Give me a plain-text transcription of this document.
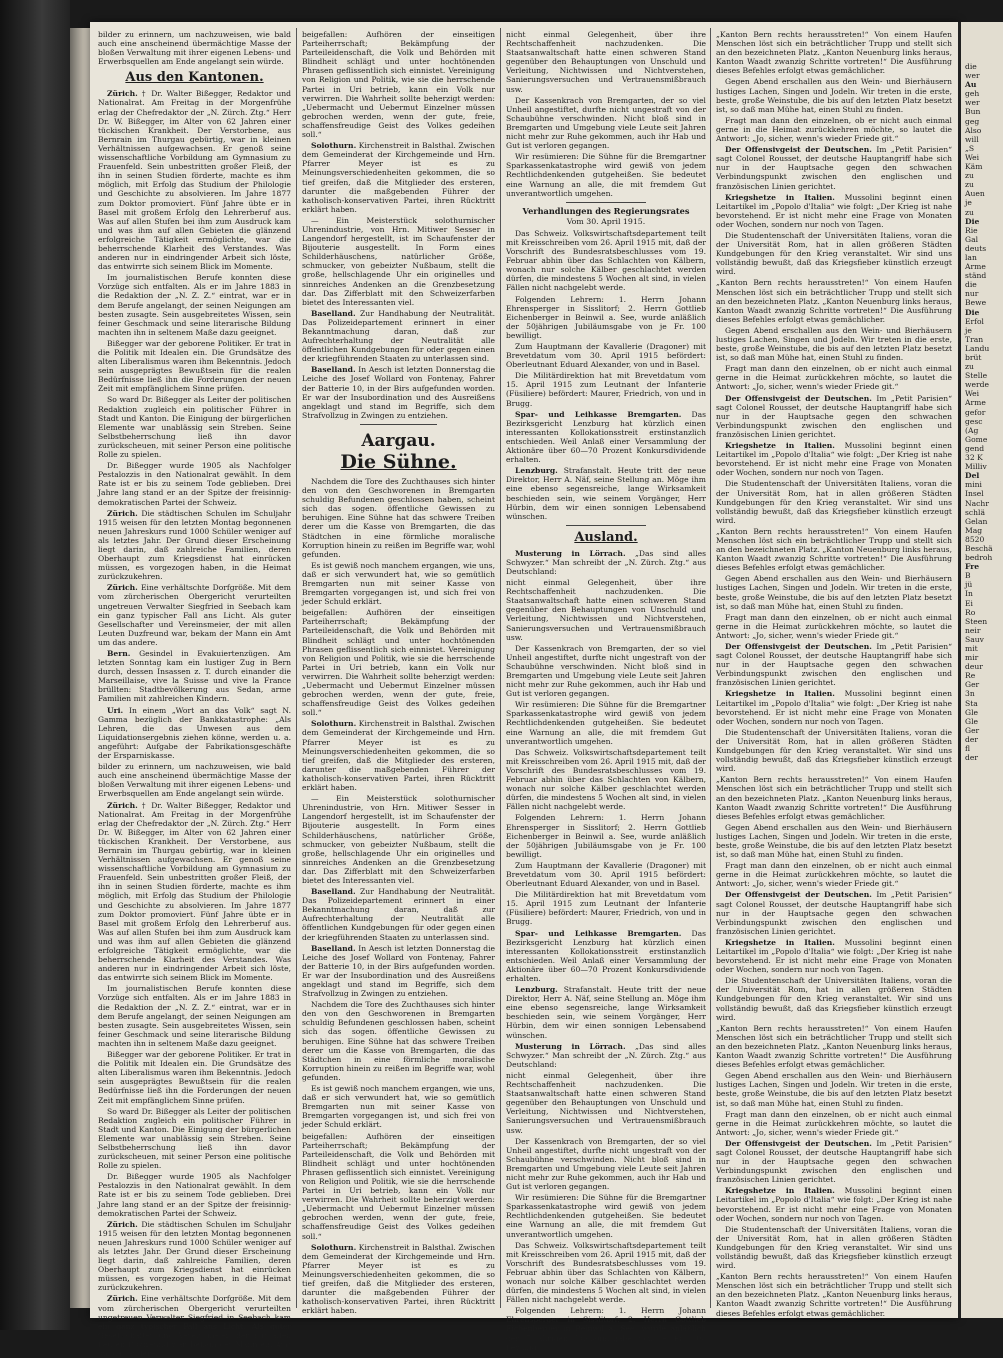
bilder zu erinnern, um nachzuweisen, wie bald auch eine anscheinend übermächtige Masse der bloßen Verwaltung mit ihrer eigenen Lebens- und Erwerbsquellen am Ende angelangt sein würde.

Aus den Kantonen.

Zürich. † Dr. Walter Bißegger, Redaktor und Nationalrat. Am Freitag in der Morgenfrühe erlag der Chefredaktor der „N. Zürch. Ztg.“ Herr Dr. W. Bißegger, im Alter von 62 Jahren einer tückischen Krankheit. Der Verstorbene, aus Bernrain im Thurgau gebürtig, war in kleinen Verhältnissen aufgewachsen. Er genoß seine wissenschaftliche Vorbildung am Gymnasium zu Frauenfeld. Sein unbestritten großer Fleiß, der ihn in seinen Studien förderte, machte es ihm möglich, mit Erfolg das Studium der Philologie und Geschichte zu absolvieren. Im Jahre 1877 zum Doktor promoviert. Fünf Jahre übte er in Basel mit großem Erfolg den Lehrerberuf aus. Was auf allen Stufen bei ihm zum Ausdruck kam und was ihm auf allen Gebieten die glänzend erfolgreiche Tätigkeit ermöglichte, war die beherrschende Klarheit des Verstandes. Was anderen nur in eindringender Arbeit sich löste, das entwirrte sich seinem Blick im Momente.

Im journalistischen Berufe konnten diese Vorzüge sich entfalten. Als er im Jahre 1883 in die Redaktion der „N. Z. Z.“ eintrat, war er in dem Berufe angelangt, der seinen Neigungen am besten zusagte. Sein ausgebreitetes Wissen, sein feiner Geschmack und seine literarische Bildung machten ihn in seltenem Maße dazu geeignet.

Bißegger war der geborene Politiker. Er trat in die Politik mit Idealen ein. Die Grundsätze des alten Liberalismus waren ihm Bekenntnis. Jedoch sein ausgeprägtes Bewußtsein für die realen Bedürfnisse ließ ihn die Forderungen der neuen Zeit mit empfänglichem Sinne prüfen.

So ward Dr. Bißegger als Leiter der politischen Redaktion zugleich ein politischer Führer in Stadt und Kanton. Die Einigung der bürgerlichen Elemente war unablässig sein Streben. Seine Selbstbeherrschung ließ ihn davor zurückscheuen, mit seiner Person eine politische Rolle zu spielen.

Dr. Bißegger wurde 1905 als Nachfolger Pestalozzis in den Nationalrat gewählt. In dem Rate ist er bis zu seinem Tode geblieben. Drei Jahre lang stand er an der Spitze der freisinnig-demokratischen Partei der Schweiz.

Zürich. Die städtischen Schulen im Schuljahr 1915 weisen für den letzten Montag begonnenen neuen Jahreskurs rund 1000 Schüler weniger auf als letztes Jahr. Der Grund dieser Erscheinung liegt darin, daß zahlreiche Familien, deren Oberhaupt zum Kriegsdienst hat einrücken müssen, es vorgezogen haben, in die Heimat zurückzukehren.

Zürich. Eine verhältschte Dorfgröße. Mit dem vom zürcherischen Obergericht verurteilten ungetreuen Verwalter Siegfried in Seebach kam ein ganz typischer Fall ans Licht. Als guter Gesellschafter und Vereinsmeier, der mit allen Leuten Duzfreund war, bekam der Mann ein Amt um das andere.

Bern. Gesindel in Evakuiertenzügen. Am letzten Sonntag kam ein lustiger Zug in Bern durch, dessen Insassen z. T. durch einander die Marseillaise, vive la Suisse und vive la France brüllten: Stadtbevölkerung aus Sedan, arme Familien mit zahlreichen Kindern.

Uri. In einem „Wort an das Volk“ sagt N. Gamma bezüglich der Bankkatastrophe: „Als Lehren, die das Unwesen aus dem Liquidationsergebnis ziehen könne, werden u. a. angeführt: Aufgabe der Fabrikationsgeschäfte der Ersparniskasse.

bilder zu erinnern, um nachzuweisen, wie bald auch eine anscheinend übermächtige Masse der bloßen Verwaltung mit ihrer eigenen Lebens- und Erwerbsquellen am Ende angelangt sein würde.

Zürich. † Dr. Walter Bißegger, Redaktor und Nationalrat. Am Freitag in der Morgenfrühe erlag der Chefredaktor der „N. Zürch. Ztg.“ Herr Dr. W. Bißegger, im Alter von 62 Jahren einer tückischen Krankheit. Der Verstorbene, aus Bernrain im Thurgau gebürtig, war in kleinen Verhältnissen aufgewachsen. Er genoß seine wissenschaftliche Vorbildung am Gymnasium zu Frauenfeld. Sein unbestritten großer Fleiß, der ihn in seinen Studien förderte, machte es ihm möglich, mit Erfolg das Studium der Philologie und Geschichte zu absolvieren. Im Jahre 1877 zum Doktor promoviert. Fünf Jahre übte er in Basel mit großem Erfolg den Lehrerberuf aus. Was auf allen Stufen bei ihm zum Ausdruck kam und was ihm auf allen Gebieten die glänzend erfolgreiche Tätigkeit ermöglichte, war die beherrschende Klarheit des Verstandes. Was anderen nur in eindringender Arbeit sich löste, das entwirrte sich seinem Blick im Momente.

Im journalistischen Berufe konnten diese Vorzüge sich entfalten. Als er im Jahre 1883 in die Redaktion der „N. Z. Z.“ eintrat, war er in dem Berufe angelangt, der seinen Neigungen am besten zusagte. Sein ausgebreitetes Wissen, sein feiner Geschmack und seine literarische Bildung machten ihn in seltenem Maße dazu geeignet.

Bißegger war der geborene Politiker. Er trat in die Politik mit Idealen ein. Die Grundsätze des alten Liberalismus waren ihm Bekenntnis. Jedoch sein ausgeprägtes Bewußtsein für die realen Bedürfnisse ließ ihn die Forderungen der neuen Zeit mit empfänglichem Sinne prüfen.

So ward Dr. Bißegger als Leiter der politischen Redaktion zugleich ein politischer Führer in Stadt und Kanton. Die Einigung der bürgerlichen Elemente war unablässig sein Streben. Seine Selbstbeherrschung ließ ihn davor zurückscheuen, mit seiner Person eine politische Rolle zu spielen.

Dr. Bißegger wurde 1905 als Nachfolger Pestalozzis in den Nationalrat gewählt. In dem Rate ist er bis zu seinem Tode geblieben. Drei Jahre lang stand er an der Spitze der freisinnig-demokratischen Partei der Schweiz.

Zürich. Die städtischen Schulen im Schuljahr 1915 weisen für den letzten Montag begonnenen neuen Jahreskurs rund 1000 Schüler weniger auf als letztes Jahr. Der Grund dieser Erscheinung liegt darin, daß zahlreiche Familien, deren Oberhaupt zum Kriegsdienst hat einrücken müssen, es vorgezogen haben, in die Heimat zurückzukehren.

Zürich. Eine verhältschte Dorfgröße. Mit dem vom zürcherischen Obergericht verurteilten ungetreuen Verwalter Siegfried in Seebach kam ein ganz typischer Fall ans Licht. Als guter Gesellschafter und Vereinsmeier, der mit allen Leuten Duzfreund war, bekam der Mann ein Amt um das andere.

beigefallen: Aufhören der einseitigen Parteiherrschaft; Bekämpfung der Parteileidenschaft, die Volk und Behörden mit Blindheit schlägt und unter hochtönenden Phrasen geflissentlich sich einnistet. Vereinigung von Religion und Politik, wie sie die herrschende Partei in Uri betrieb, kann ein Volk nur verwirren. Die Wahrheit sollte beherzigt werden: „Uebermacht und Uebermut Einzelner müssen gebrochen werden, wenn der gute, freie, schaffensfreudige Geist des Volkes gedeihen soll.“

Solothurn. Kirchenstreit in Balsthal. Zwischen dem Gemeinderat der Kirchgemeinde und Hrn. Pfarrer Meyer ist es zu Meinungsverschiedenheiten gekommen, die so tief greifen, daß die Mitglieder des ersteren, darunter die maßgebenden Führer der katholisch-konservativen Partei, ihren Rücktritt erklärt haben.

— Ein Meisterstück solothurnischer Uhrenindustrie, von Hrn. Mitiwer Sesser in Langendorf hergestellt, ist im Schaufenster der Bijouterie ausgestellt. In Form eines Schilderhäuschens, natürlicher Größe, schmucker, von gebeizter Nußbaum, stellt die große, hellschlagende Uhr ein originelles und sinnreiches Andenken an die Grenzbesetzung dar. Das Zifferblatt mit den Schweizerfarben bietet des Interessanten viel.

Baselland. Zur Handhabung der Neutralität. Das Polizeidepartement erinnert in einer Bekanntmachung daran, daß zur Aufrechterhaltung der Neutralität alle öffentlichen Kundgebungen für oder gegen einen der kriegführenden Staaten zu unterlassen sind.

Baselland. In Aesch ist letzten Donnerstag die Leiche des Josef Wollard von Fontenay, Fahrer der Batterie 10, in der Birs aufgefunden worden. Er war der Insubordination und des Ausreißens angeklagt und stand im Begriffe, sich dem Strafvollzug in Zwingen zu entziehen.

Aargau.
Die Sühne.

Nachdem die Tore des Zuchthauses sich hinter den von den Geschworenen in Bremgarten schuldig Befundenen geschlossen haben, scheint sich das sogen. öffentliche Gewissen zu beruhigen. Eine Sühne hat das schwere Treiben derer um die Kasse von Bremgarten, die das Städtchen in eine förmliche moralische Korruption hinein zu reißen im Begriffe war, wohl gefunden.

Es ist gewiß noch manchem ergangen, wie uns, daß er sich verwundert hat, wie so gemütlich Bremgarten nun mit seiner Kasse von Bremgarten vorgegangen ist, und sich frei von jeder Schuld erklärt.

beigefallen: Aufhören der einseitigen Parteiherrschaft; Bekämpfung der Parteileidenschaft, die Volk und Behörden mit Blindheit schlägt und unter hochtönenden Phrasen geflissentlich sich einnistet. Vereinigung von Religion und Politik, wie sie die herrschende Partei in Uri betrieb, kann ein Volk nur verwirren. Die Wahrheit sollte beherzigt werden: „Uebermacht und Uebermut Einzelner müssen gebrochen werden, wenn der gute, freie, schaffensfreudige Geist des Volkes gedeihen soll.“

Solothurn. Kirchenstreit in Balsthal. Zwischen dem Gemeinderat der Kirchgemeinde und Hrn. Pfarrer Meyer ist es zu Meinungsverschiedenheiten gekommen, die so tief greifen, daß die Mitglieder des ersteren, darunter die maßgebenden Führer der katholisch-konservativen Partei, ihren Rücktritt erklärt haben.

— Ein Meisterstück solothurnischer Uhrenindustrie, von Hrn. Mitiwer Sesser in Langendorf hergestellt, ist im Schaufenster der Bijouterie ausgestellt. In Form eines Schilderhäuschens, natürlicher Größe, schmucker, von gebeizter Nußbaum, stellt die große, hellschlagende Uhr ein originelles und sinnreiches Andenken an die Grenzbesetzung dar. Das Zifferblatt mit den Schweizerfarben bietet des Interessanten viel.

Baselland. Zur Handhabung der Neutralität. Das Polizeidepartement erinnert in einer Bekanntmachung daran, daß zur Aufrechterhaltung der Neutralität alle öffentlichen Kundgebungen für oder gegen einen der kriegführenden Staaten zu unterlassen sind.

Baselland. In Aesch ist letzten Donnerstag die Leiche des Josef Wollard von Fontenay, Fahrer der Batterie 10, in der Birs aufgefunden worden. Er war der Insubordination und des Ausreißens angeklagt und stand im Begriffe, sich dem Strafvollzug in Zwingen zu entziehen.

Nachdem die Tore des Zuchthauses sich hinter den von den Geschworenen in Bremgarten schuldig Befundenen geschlossen haben, scheint sich das sogen. öffentliche Gewissen zu beruhigen. Eine Sühne hat das schwere Treiben derer um die Kasse von Bremgarten, die das Städtchen in eine förmliche moralische Korruption hinein zu reißen im Begriffe war, wohl gefunden.

Es ist gewiß noch manchem ergangen, wie uns, daß er sich verwundert hat, wie so gemütlich Bremgarten nun mit seiner Kasse von Bremgarten vorgegangen ist, und sich frei von jeder Schuld erklärt.

beigefallen: Aufhören der einseitigen Parteiherrschaft; Bekämpfung der Parteileidenschaft, die Volk und Behörden mit Blindheit schlägt und unter hochtönenden Phrasen geflissentlich sich einnistet. Vereinigung von Religion und Politik, wie sie die herrschende Partei in Uri betrieb, kann ein Volk nur verwirren. Die Wahrheit sollte beherzigt werden: „Uebermacht und Uebermut Einzelner müssen gebrochen werden, wenn der gute, freie, schaffensfreudige Geist des Volkes gedeihen soll.“

Solothurn. Kirchenstreit in Balsthal. Zwischen dem Gemeinderat der Kirchgemeinde und Hrn. Pfarrer Meyer ist es zu Meinungsverschiedenheiten gekommen, die so tief greifen, daß die Mitglieder des ersteren, darunter die maßgebenden Führer der katholisch-konservativen Partei, ihren Rücktritt erklärt haben.

nicht einmal Gelegenheit, über ihre Rechtschaffenheit nachzudenken. Die Staatsanwaltschaft hatte einen schweren Stand gegenüber den Behauptungen von Unschuld und Verleitung, Nichtwissen und Nichtverstehen, Sanierungsversuchen und Vertrauensmißbrauch usw.

Der Kassenkrach von Bremgarten, der so viel Unheil angestiftet, durfte nicht ungestraft von der Schaubühne verschwinden. Nicht bloß sind in Bremgarten und Umgebung viele Leute seit Jahren nicht mehr zur Ruhe gekommen, auch ihr Hab und Gut ist verloren gegangen.

Wir resümieren: Die Sühne für die Bremgartner Sparkassenkatastrophe wird gewiß von jedem Rechtlichdenkenden gutgeheißen. Sie bedeutet eine Warnung an alle, die mit fremdem Gut unverantwortlich umgehen.

Verhandlungen des Regierungsrates
Vom 30. April 1915.

Das Schweiz. Volkswirtschaftsdepartement teilt mit Kreisschreiben vom 26. April 1915 mit, daß der Vorschrift des Bundesratsbeschlusses vom 19. Februar abhin über das Schlachten von Kälbern, wonach nur solche Kälber geschlachtet werden dürfen, die mindestens 5 Wochen alt sind, in vielen Fällen nicht nachgelebt werde.

Folgenden Lehrern: 1. Herrn Johann Ehrensperger in Sisslitorf; 2. Herrn Gottlieb Eichenberger in Beinwil a. See, wurde anläßlich der 50jährigen Jubiläumsgabe von je Fr. 100 bewilligt.

Zum Hauptmann der Kavallerie (Dragoner) mit Brevetdatum vom 30. April 1915 befördert: Oberleutnant Eduard Alexander, von und in Basel.

Die Militärdirektion hat mit Brevetdatum vom 15. April 1915 zum Leutnant der Infanterie (Füsiliere) befördert: Maurer, Friedrich, von und in Brugg.

Spar- und Leihkasse Bremgarten. Das Bezirksgericht Lenzburg hat kürzlich einen interessanten Kollokationsstreit erstinstanzlich entschieden. Weil Anlaß einer Versammlung der Aktionäre über 60—70 Prozent Konkursdividende erhalten.

Lenzburg. Strafanstalt. Heute tritt der neue Direktor, Herr A. Näf, seine Stellung an. Möge ihm eine ebenso segensreiche, lange Wirksamkeit beschieden sein, wie seinem Vorgänger, Herr Hürbin, dem wir einen sonnigen Lebensabend wünschen.

Ausland.

Musterung in Lörrach. „Das sind alles Schwyzer.“ Man schreibt der „N. Zürch. Ztg.“ aus Deutschland:

nicht einmal Gelegenheit, über ihre Rechtschaffenheit nachzudenken. Die Staatsanwaltschaft hatte einen schweren Stand gegenüber den Behauptungen von Unschuld und Verleitung, Nichtwissen und Nichtverstehen, Sanierungsversuchen und Vertrauensmißbrauch usw.

Der Kassenkrach von Bremgarten, der so viel Unheil angestiftet, durfte nicht ungestraft von der Schaubühne verschwinden. Nicht bloß sind in Bremgarten und Umgebung viele Leute seit Jahren nicht mehr zur Ruhe gekommen, auch ihr Hab und Gut ist verloren gegangen.

Wir resümieren: Die Sühne für die Bremgartner Sparkassenkatastrophe wird gewiß von jedem Rechtlichdenkenden gutgeheißen. Sie bedeutet eine Warnung an alle, die mit fremdem Gut unverantwortlich umgehen.

Das Schweiz. Volkswirtschaftsdepartement teilt mit Kreisschreiben vom 26. April 1915 mit, daß der Vorschrift des Bundesratsbeschlusses vom 19. Februar abhin über das Schlachten von Kälbern, wonach nur solche Kälber geschlachtet werden dürfen, die mindestens 5 Wochen alt sind, in vielen Fällen nicht nachgelebt werde.

Folgenden Lehrern: 1. Herrn Johann Ehrensperger in Sisslitorf; 2. Herrn Gottlieb Eichenberger in Beinwil a. See, wurde anläßlich der 50jährigen Jubiläumsgabe von je Fr. 100 bewilligt.

Zum Hauptmann der Kavallerie (Dragoner) mit Brevetdatum vom 30. April 1915 befördert: Oberleutnant Eduard Alexander, von und in Basel.

Die Militärdirektion hat mit Brevetdatum vom 15. April 1915 zum Leutnant der Infanterie (Füsiliere) befördert: Maurer, Friedrich, von und in Brugg.

Spar- und Leihkasse Bremgarten. Das Bezirksgericht Lenzburg hat kürzlich einen interessanten Kollokationsstreit erstinstanzlich entschieden. Weil Anlaß einer Versammlung der Aktionäre über 60—70 Prozent Konkursdividende erhalten.

Lenzburg. Strafanstalt. Heute tritt der neue Direktor, Herr A. Näf, seine Stellung an. Möge ihm eine ebenso segensreiche, lange Wirksamkeit beschieden sein, wie seinem Vorgänger, Herr Hürbin, dem wir einen sonnigen Lebensabend wünschen.

Musterung in Lörrach. „Das sind alles Schwyzer.“ Man schreibt der „N. Zürch. Ztg.“ aus Deutschland:

nicht einmal Gelegenheit, über ihre Rechtschaffenheit nachzudenken. Die Staatsanwaltschaft hatte einen schweren Stand gegenüber den Behauptungen von Unschuld und Verleitung, Nichtwissen und Nichtverstehen, Sanierungsversuchen und Vertrauensmißbrauch usw.

Der Kassenkrach von Bremgarten, der so viel Unheil angestiftet, durfte nicht ungestraft von der Schaubühne verschwinden. Nicht bloß sind in Bremgarten und Umgebung viele Leute seit Jahren nicht mehr zur Ruhe gekommen, auch ihr Hab und Gut ist verloren gegangen.

Wir resümieren: Die Sühne für die Bremgartner Sparkassenkatastrophe wird gewiß von jedem Rechtlichdenkenden gutgeheißen. Sie bedeutet eine Warnung an alle, die mit fremdem Gut unverantwortlich umgehen.

Das Schweiz. Volkswirtschaftsdepartement teilt mit Kreisschreiben vom 26. April 1915 mit, daß der Vorschrift des Bundesratsbeschlusses vom 19. Februar abhin über das Schlachten von Kälbern, wonach nur solche Kälber geschlachtet werden dürfen, die mindestens 5 Wochen alt sind, in vielen Fällen nicht nachgelebt werde.

Folgenden Lehrern: 1. Herrn Johann Ehrensperger in Sisslitorf; 2. Herrn Gottlieb Eichenberger in Beinwil a. See, wurde anläßlich der 50jährigen Jubiläumsgabe von je Fr. 100 bewilligt.

„Kanton Bern rechts herausstreten!“ Von einem Haufen Menschen löst sich ein beträchtlicher Trupp und stellt sich an den bezeichneten Platz. „Kanton Neuenburg links heraus, Kanton Waadt zwanzig Schritte vortreten!“ Die Ausführung dieses Befehles erfolgt etwas gemächlicher.

Gegen Abend erschallen aus den Wein- und Bierhäusern lustiges Lachen, Singen und Jodeln. Wir treten in die erste, beste, große Weinstube, die bis auf den letzten Platz besetzt ist, so daß man Mühe hat, einen Stuhl zu finden.

Fragt man dann den einzelnen, ob er nicht auch einmal gerne in die Heimat zurückkehren möchte, so lautet die Antwort: „Jo, sicher, wenn's wieder Friede git.“

Der Offensivgeist der Deutschen. Im „Petit Parisien“ sagt Colonel Rousset, der deutsche Hauptangriff habe sich nur in der Hauptsache gegen den schwachen Verbindungspunkt zwischen den englischen und französischen Linien gerichtet.

Kriegshetze in Italien. Mussolini beginnt einen Leitartikel im „Popolo d'Italia“ wie folgt: „Der Krieg ist nahe bevorstehend. Er ist nicht mehr eine Frage von Monaten oder Wochen, sondern nur noch von Tagen.

Die Studentenschaft der Universitäten Italiens, voran die der Universität Rom, hat in allen größeren Städten Kundgebungen für den Krieg veranstaltet. Wir sind uns vollständig bewußt, daß das Kriegsfieber künstlich erzeugt wird.

„Kanton Bern rechts herausstreten!“ Von einem Haufen Menschen löst sich ein beträchtlicher Trupp und stellt sich an den bezeichneten Platz. „Kanton Neuenburg links heraus, Kanton Waadt zwanzig Schritte vortreten!“ Die Ausführung dieses Befehles erfolgt etwas gemächlicher.

Gegen Abend erschallen aus den Wein- und Bierhäusern lustiges Lachen, Singen und Jodeln. Wir treten in die erste, beste, große Weinstube, die bis auf den letzten Platz besetzt ist, so daß man Mühe hat, einen Stuhl zu finden.

Fragt man dann den einzelnen, ob er nicht auch einmal gerne in die Heimat zurückkehren möchte, so lautet die Antwort: „Jo, sicher, wenn's wieder Friede git.“

Der Offensivgeist der Deutschen. Im „Petit Parisien“ sagt Colonel Rousset, der deutsche Hauptangriff habe sich nur in der Hauptsache gegen den schwachen Verbindungspunkt zwischen den englischen und französischen Linien gerichtet.

Kriegshetze in Italien. Mussolini beginnt einen Leitartikel im „Popolo d'Italia“ wie folgt: „Der Krieg ist nahe bevorstehend. Er ist nicht mehr eine Frage von Monaten oder Wochen, sondern nur noch von Tagen.

Die Studentenschaft der Universitäten Italiens, voran die der Universität Rom, hat in allen größeren Städten Kundgebungen für den Krieg veranstaltet. Wir sind uns vollständig bewußt, daß das Kriegsfieber künstlich erzeugt wird.

„Kanton Bern rechts herausstreten!“ Von einem Haufen Menschen löst sich ein beträchtlicher Trupp und stellt sich an den bezeichneten Platz. „Kanton Neuenburg links heraus, Kanton Waadt zwanzig Schritte vortreten!“ Die Ausführung dieses Befehles erfolgt etwas gemächlicher.

Gegen Abend erschallen aus den Wein- und Bierhäusern lustiges Lachen, Singen und Jodeln. Wir treten in die erste, beste, große Weinstube, die bis auf den letzten Platz besetzt ist, so daß man Mühe hat, einen Stuhl zu finden.

Fragt man dann den einzelnen, ob er nicht auch einmal gerne in die Heimat zurückkehren möchte, so lautet die Antwort: „Jo, sicher, wenn's wieder Friede git.“

Der Offensivgeist der Deutschen. Im „Petit Parisien“ sagt Colonel Rousset, der deutsche Hauptangriff habe sich nur in der Hauptsache gegen den schwachen Verbindungspunkt zwischen den englischen und französischen Linien gerichtet.

Kriegshetze in Italien. Mussolini beginnt einen Leitartikel im „Popolo d'Italia“ wie folgt: „Der Krieg ist nahe bevorstehend. Er ist nicht mehr eine Frage von Monaten oder Wochen, sondern nur noch von Tagen.

Die Studentenschaft der Universitäten Italiens, voran die der Universität Rom, hat in allen größeren Städten Kundgebungen für den Krieg veranstaltet. Wir sind uns vollständig bewußt, daß das Kriegsfieber künstlich erzeugt wird.

„Kanton Bern rechts herausstreten!“ Von einem Haufen Menschen löst sich ein beträchtlicher Trupp und stellt sich an den bezeichneten Platz. „Kanton Neuenburg links heraus, Kanton Waadt zwanzig Schritte vortreten!“ Die Ausführung dieses Befehles erfolgt etwas gemächlicher.

Gegen Abend erschallen aus den Wein- und Bierhäusern lustiges Lachen, Singen und Jodeln. Wir treten in die erste, beste, große Weinstube, die bis auf den letzten Platz besetzt ist, so daß man Mühe hat, einen Stuhl zu finden.

Fragt man dann den einzelnen, ob er nicht auch einmal gerne in die Heimat zurückkehren möchte, so lautet die Antwort: „Jo, sicher, wenn's wieder Friede git.“

Der Offensivgeist der Deutschen. Im „Petit Parisien“ sagt Colonel Rousset, der deutsche Hauptangriff habe sich nur in der Hauptsache gegen den schwachen Verbindungspunkt zwischen den englischen und französischen Linien gerichtet.

Kriegshetze in Italien. Mussolini beginnt einen Leitartikel im „Popolo d'Italia“ wie folgt: „Der Krieg ist nahe bevorstehend. Er ist nicht mehr eine Frage von Monaten oder Wochen, sondern nur noch von Tagen.

Die Studentenschaft der Universitäten Italiens, voran die der Universität Rom, hat in allen größeren Städten Kundgebungen für den Krieg veranstaltet. Wir sind uns vollständig bewußt, daß das Kriegsfieber künstlich erzeugt wird.

„Kanton Bern rechts herausstreten!“ Von einem Haufen Menschen löst sich ein beträchtlicher Trupp und stellt sich an den bezeichneten Platz. „Kanton Neuenburg links heraus, Kanton Waadt zwanzig Schritte vortreten!“ Die Ausführung dieses Befehles erfolgt etwas gemächlicher.

Gegen Abend erschallen aus den Wein- und Bierhäusern lustiges Lachen, Singen und Jodeln. Wir treten in die erste, beste, große Weinstube, die bis auf den letzten Platz besetzt ist, so daß man Mühe hat, einen Stuhl zu finden.

Fragt man dann den einzelnen, ob er nicht auch einmal gerne in die Heimat zurückkehren möchte, so lautet die Antwort: „Jo, sicher, wenn's wieder Friede git.“

Der Offensivgeist der Deutschen. Im „Petit Parisien“ sagt Colonel Rousset, der deutsche Hauptangriff habe sich nur in der Hauptsache gegen den schwachen Verbindungspunkt zwischen den englischen und französischen Linien gerichtet.

Kriegshetze in Italien. Mussolini beginnt einen Leitartikel im „Popolo d'Italia“ wie folgt: „Der Krieg ist nahe bevorstehend. Er ist nicht mehr eine Frage von Monaten oder Wochen, sondern nur noch von Tagen.

Die Studentenschaft der Universitäten Italiens, voran die der Universität Rom, hat in allen größeren Städten Kundgebungen für den Krieg veranstaltet. Wir sind uns vollständig bewußt, daß das Kriegsfieber künstlich erzeugt wird.

„Kanton Bern rechts herausstreten!“ Von einem Haufen Menschen löst sich ein beträchtlicher Trupp und stellt sich an den bezeichneten Platz. „Kanton Neuenburg links heraus, Kanton Waadt zwanzig Schritte vortreten!“ Die Ausführung dieses Befehles erfolgt etwas gemächlicher.

die
wer
Au
geh
wer
Bun
geg
Also
will
„S
Wei
Käm
zu
zu
Auen
je
zu
Die
Rie
Gal
deuts
lan
Arme
ständ
die
nur
Bewe
Die
Erfol
je
Tran
Landu
brüt
zu
Stelle
werde
Wei
Arme
gefor
gesc
(Ag
Gome
gend
32 K
Milliv
Del
mini
Insel
Nachr
schlä
Gelan
Mag
8520
Beschä
bedroh
Fre
B
jü
In
Ei
Ro
Steen
neir
Sauv
mit
mir
deur
Re
Ger
3n
Sta
Gle
Gle
Ger
der
fl
der
